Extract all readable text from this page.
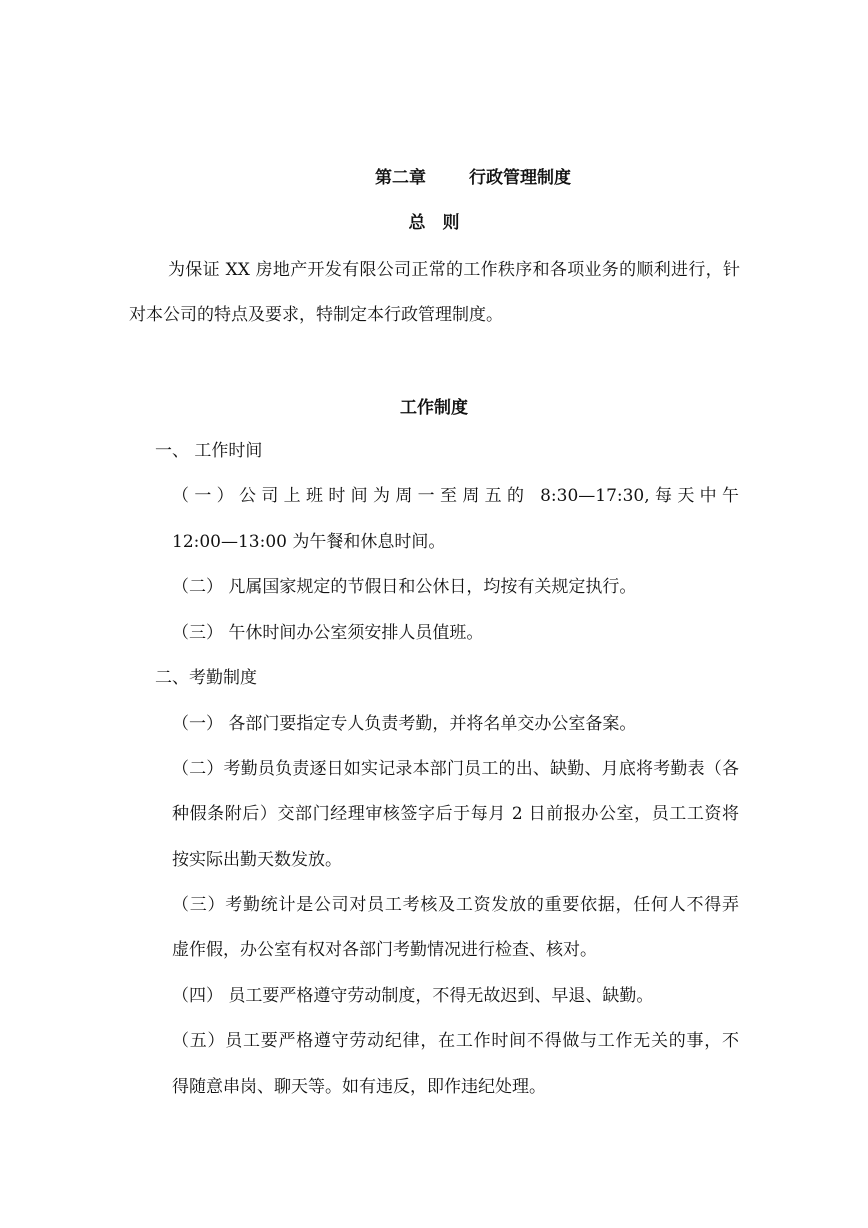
第二章	行政管理制度
总　则
为保证 XX 房地产开发有限公司正常的工作秩序和各项业务的顺利进行，针
对本公司的特点及要求，特制定本行政管理制度。
工作制度
一、 工作时间
（一）公司上班时间为周一至周五的 8:30—17:30,每天中午
12:00—13:00 为午餐和休息时间。
（二） 凡属国家规定的节假日和公休日，均按有关规定执行。
（三） 午休时间办公室须安排人员值班。
二、考勤制度
（一） 各部门要指定专人负责考勤，并将名单交办公室备案。
（二）考勤员负责逐日如实记录本部门员工的出、缺勤、月底将考勤表（各
种假条附后）交部门经理审核签字后于每月 2 日前报办公室，员工工资将
按实际出勤天数发放。
（三）考勤统计是公司对员工考核及工资发放的重要依据，任何人不得弄
虚作假，办公室有权对各部门考勤情况进行检查、核对。
（四） 员工要严格遵守劳动制度，不得无故迟到、早退、缺勤。
（五）员工要严格遵守劳动纪律，在工作时间不得做与工作无关的事，不
得随意串岗、聊天等。如有违反，即作违纪处理。
